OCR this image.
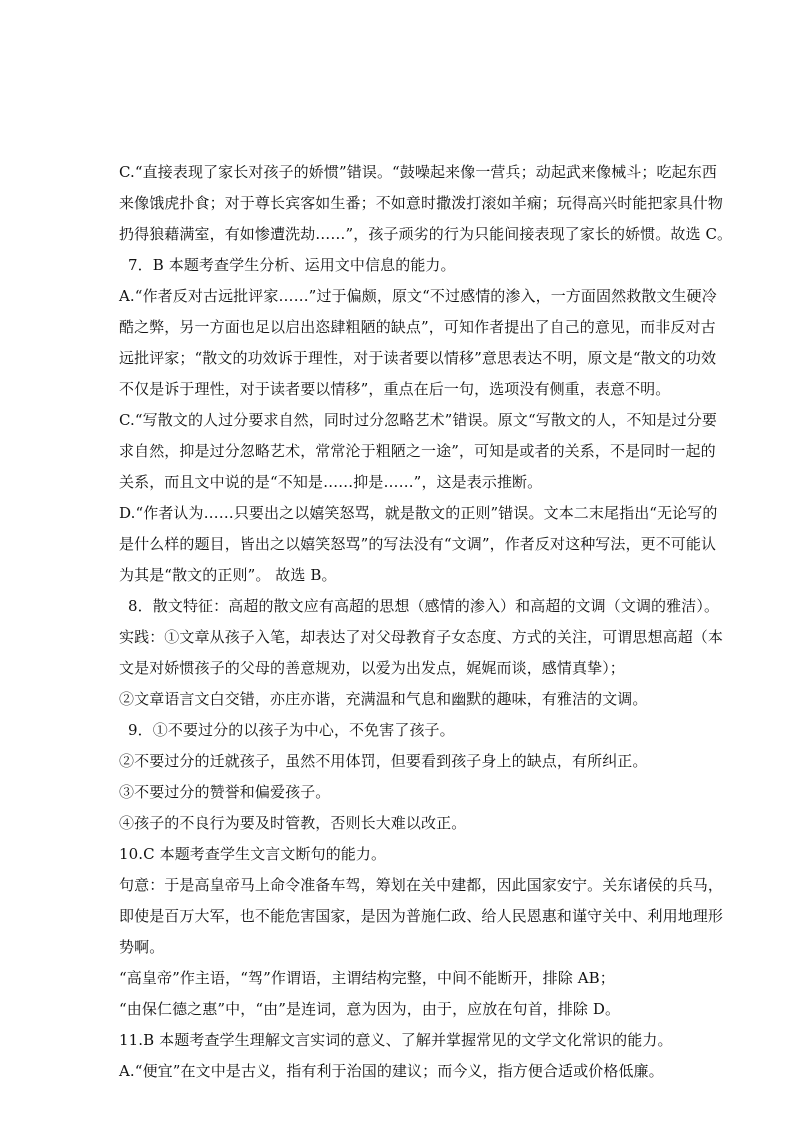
C.“直接表现了家长对孩子的娇惯”错误。“鼓噪起来像一营兵；动起武来像械斗；吃起东西
来像饿虎扑食；对于尊长宾客如生番；不如意时撒泼打滚如羊痫；玩得高兴时能把家具什物
扔得狼藉满室，有如惨遭洗劫……”，孩子顽劣的行为只能间接表现了家长的娇惯。故选 C。
7．B 本题考查学生分析、运用文中信息的能力。
A.“作者反对古远批评家……”过于偏颇，原文“不过感情的渗入，一方面固然救散文生硬冷
酷之弊，另一方面也足以启出恣肆粗陋的缺点”，可知作者提出了自己的意见，而非反对古
远批评家；“散文的功效诉于理性，对于读者要以情移”意思表达不明，原文是“散文的功效
不仅是诉于理性，对于读者要以情移”，重点在后一句，选项没有侧重，表意不明。
C.“写散文的人过分要求自然，同时过分忽略艺术”错误。原文“写散文的人，不知是过分要
求自然，抑是过分忽略艺术，常常沦于粗陋之一途”，可知是或者的关系，不是同时一起的
关系，而且文中说的是“不知是……抑是……”，这是表示推断。
D.“作者认为……只要出之以嬉笑怒骂，就是散文的正则”错误。文本二末尾指出“无论写的
是什么样的题目，皆出之以嬉笑怒骂”的写法没有“文调”，作者反对这种写法，更不可能认
为其是“散文的正则”。 故选 B。
8．散文特征：高超的散文应有高超的思想（感情的渗入）和高超的文调（文调的雅洁）。
实践：①文章从孩子入笔，却表达了对父母教育子女态度、方式的关注，可谓思想高超（本
文是对娇惯孩子的父母的善意规劝，以爱为出发点，娓娓而谈，感情真挚）；
②文章语言文白交错，亦庄亦谐，充满温和气息和幽默的趣味，有雅洁的文调。
9．①不要过分的以孩子为中心，不免害了孩子。
②不要过分的迁就孩子，虽然不用体罚，但要看到孩子身上的缺点，有所纠正。
③不要过分的赞誉和偏爱孩子。
④孩子的不良行为要及时管教，否则长大难以改正。
10.C 本题考查学生文言文断句的能力。
句意：于是高皇帝马上命令准备车驾，筹划在关中建都，因此国家安宁。关东诸侯的兵马，
即使是百万大军，也不能危害国家，是因为普施仁政、给人民恩惠和谨守关中、利用地理形
势啊。
“高皇帝”作主语，“驾”作谓语，主谓结构完整，中间不能断开，排除 AB；
“由保仁德之惠”中，“由”是连词，意为因为，由于，应放在句首，排除 D。
11.B 本题考查学生理解文言实词的意义、了解并掌握常见的文学文化常识的能力。
A.“便宜”在文中是古义，指有利于治国的建议；而今义，指方便合适或价格低廉。
